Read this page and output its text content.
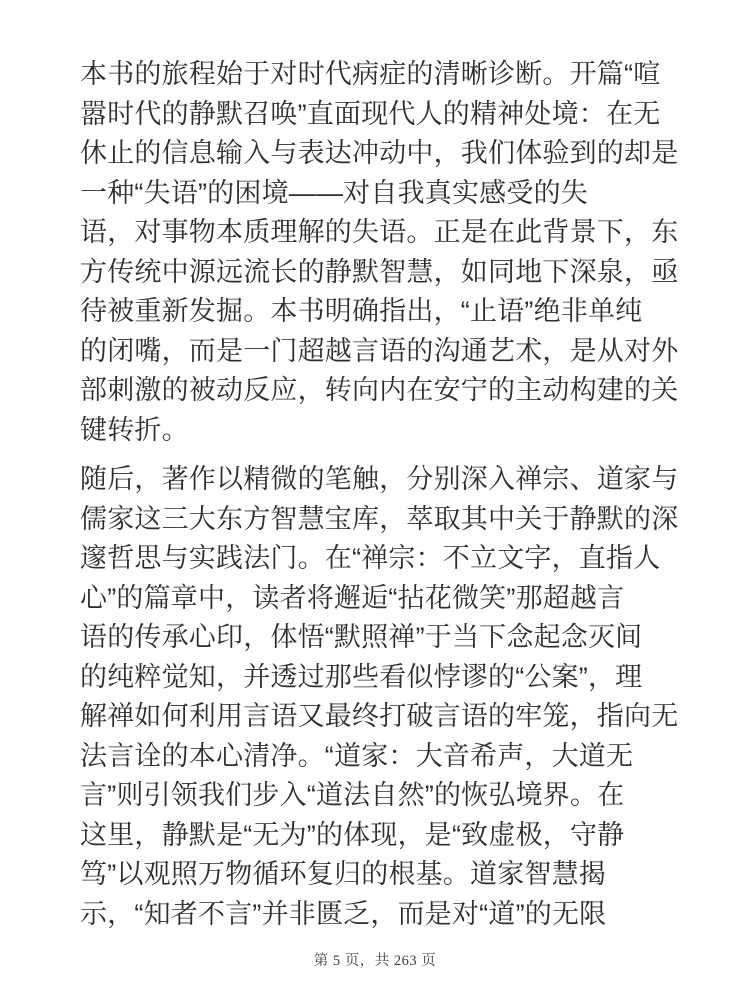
本书的旅程始于对时代病症的清晰诊断。开篇“喧
嚣时代的静默召唤”直面现代人的精神处境：在无
休止的信息输入与表达冲动中，我们体验到的却是
一种“失语”的困境——对自我真实感受的失
语，对事物本质理解的失语。正是在此背景下，东
方传统中源远流长的静默智慧，如同地下深泉，亟
待被重新发掘。本书明确指出，“止语”绝非单纯
的闭嘴，而是一门超越言语的沟通艺术，是从对外
部刺激的被动反应，转向内在安宁的主动构建的关
键转折。
随后，著作以精微的笔触，分别深入禅宗、道家与
儒家这三大东方智慧宝库，萃取其中关于静默的深
邃哲思与实践法门。在“禅宗：不立文字，直指人
心”的篇章中，读者将邂逅“拈花微笑”那超越言
语的传承心印，体悟“默照禅”于当下念起念灭间
的纯粹觉知，并透过那些看似悖谬的“公案”，理
解禅如何利用言语又最终打破言语的牢笼，指向无
法言诠的本心清净。“道家：大音希声，大道无
言”则引领我们步入“道法自然”的恢弘境界。在
这里，静默是“无为”的体现，是“致虚极，守静
笃”以观照万物循环复归的根基。道家智慧揭
示，“知者不言”并非匮乏，而是对“道”的无限
第 5 页，共 263 页
